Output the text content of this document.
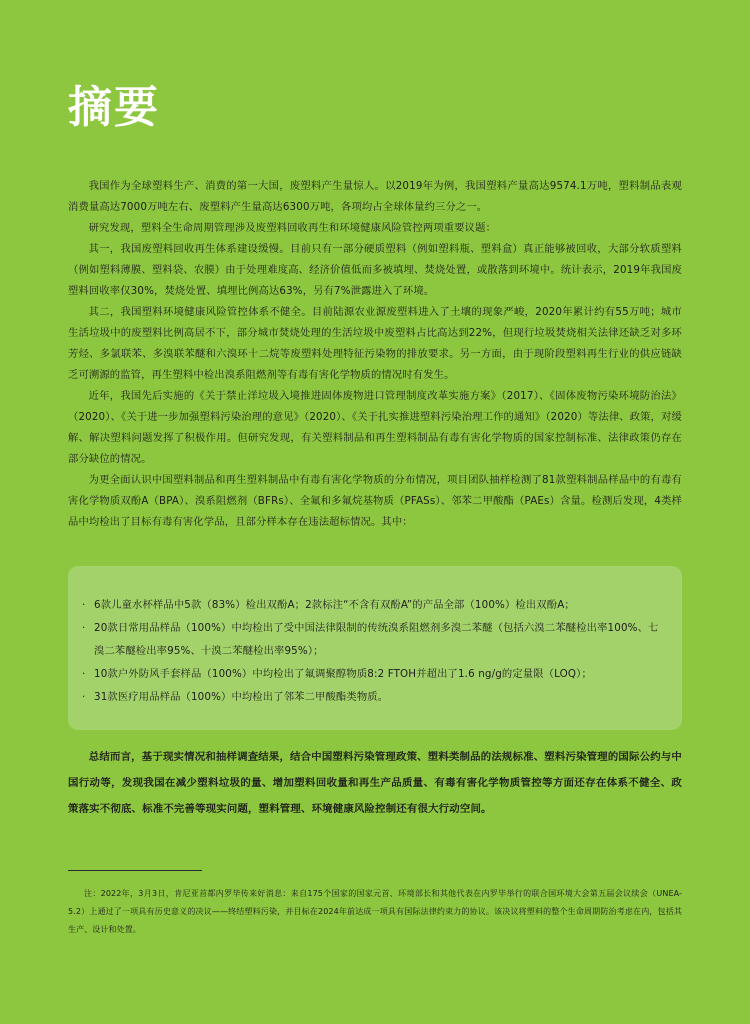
摘要

我国作为全球塑料生产、消费的第一大国，废塑料产生量惊人。以2019年为例，我国塑料产量高达9574.1万吨，塑料制品表观消费量高达7000万吨左右、废塑料产生量高达6300万吨，各项均占全球体量约三分之一。

研究发现，塑料全生命周期管理涉及废塑料回收再生和环境健康风险管控两项重要议题：

其一，我国废塑料回收再生体系建设缓慢。目前只有一部分硬质塑料（例如塑料瓶、塑料盒）真正能够被回收，大部分软质塑料（例如塑料薄膜、塑料袋、农膜）由于处理难度高、经济价值低而多被填埋、焚烧处置，或散落到环境中。统计表示，2019年我国废塑料回收率仅30%，焚烧处置、填埋比例高达63%，另有7%泄露进入了环境。

其二，我国塑料环境健康风险管控体系不健全。目前陆源农业源废塑料进入了土壤的现象严峻，2020年累计约有55万吨；城市生活垃圾中的废塑料比例高居不下，部分城市焚烧处理的生活垃圾中废塑料占比高达到22%，但现行垃圾焚烧相关法律还缺乏对多环芳烃、多氯联苯、多溴联苯醚和六溴环十二烷等废塑料处理特征污染物的排放要求。另一方面，由于现阶段塑料再生行业的供应链缺乏可溯源的监管，再生塑料中检出溴系阻燃剂等有毒有害化学物质的情况时有发生。

近年，我国先后实施的《关于禁止洋垃圾入境推进固体废物进口管理制度改革实施方案》（2017）、《固体废物污染环境防治法》（2020）、《关于进一步加强塑料污染治理的意见》（2020）、《关于扎实推进塑料污染治理工作的通知》（2020）等法律、政策，对缓解、解决塑料问题发挥了积极作用。但研究发现，有关塑料制品和再生塑料制品有毒有害化学物质的国家控制标准、法律政策仍存在部分缺位的情况。

为更全面认识中国塑料制品和再生塑料制品中有毒有害化学物质的分布情况，项目团队抽样检测了81款塑料制品样品中的有毒有害化学物质双酚A（BPA）、溴系阻燃剂（BFRs）、全氟和多氟烷基物质（PFASs）、邻苯二甲酸酯（PAEs）含量。检测后发现，4类样品中均检出了目标有毒有害化学品，且部分样本存在违法超标情况。其中：

· 6款儿童水杯样品中5款（83%）检出双酚A；2款标注“不含有双酚A”的产品全部（100%）检出双酚A；
· 20款日常用品样品（100%）中均检出了受中国法律限制的传统溴系阻燃剂多溴二苯醚（包括六溴二苯醚检出率100%、七溴二苯醚检出率95%、十溴二苯醚检出率95%）；
· 10款户外防风手套样品（100%）中均检出了氟调聚醇物质8:2 FTOH并超出了1.6 ng/g的定量限（LOQ）；
· 31款医疗用品样品（100%）中均检出了邻苯二甲酸酯类物质。

总结而言，基于现实情况和抽样调查结果，结合中国塑料污染管理政策、塑料类制品的法规标准、塑料污染管理的国际公约与中国行动等，发现我国在减少塑料垃圾的量、增加塑料回收量和再生产品质量、有毒有害化学物质管控等方面还存在体系不健全、政策落实不彻底、标准不完善等现实问题，塑料管理、环境健康风险控制还有很大行动空间。

注：2022年，3月3日，肯尼亚首都内罗毕传来好消息：来自175个国家的国家元首、环境部长和其他代表在内罗毕举行的联合国环境大会第五届会议续会（UNEA-5.2）上通过了一项具有历史意义的决议——终结塑料污染，并目标在2024年前达成一项具有国际法律约束力的协议。该决议将塑料的整个生命周期防治考虑在内，包括其生产、设计和处置。
